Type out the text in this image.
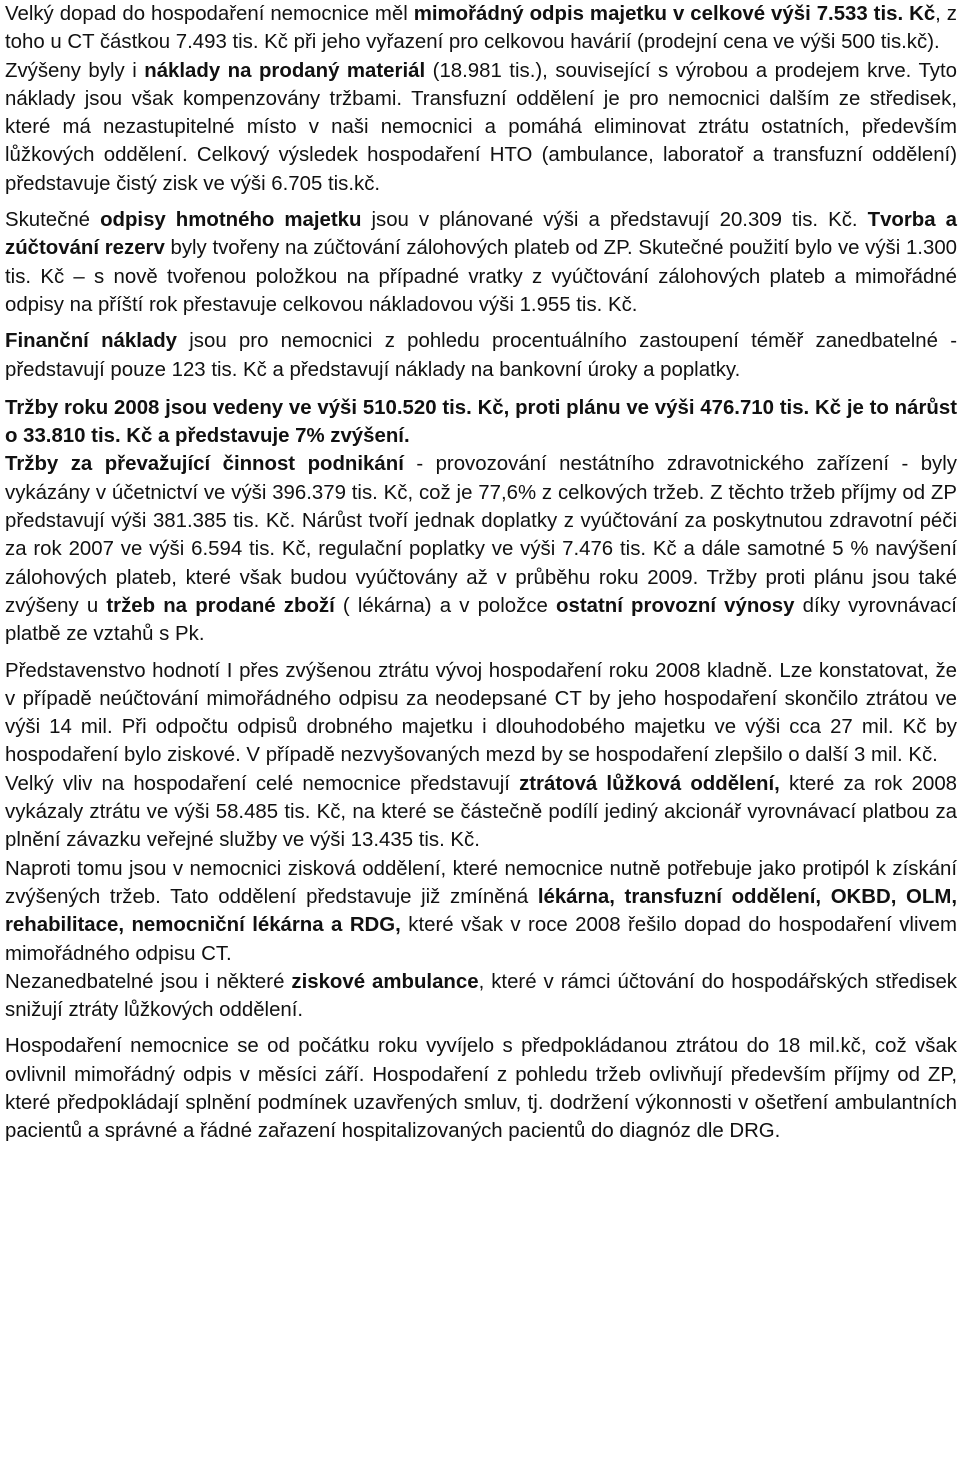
Velký dopad do hospodaření nemocnice měl mimořádný odpis majetku v celkové výši 7.533 tis. Kč, z toho u CT částkou 7.493 tis. Kč při jeho vyřazení pro celkovou havárií (prodejní cena ve výši 500 tis.kč).

Zvýšeny byly i náklady na prodaný materiál (18.981 tis.), související s výrobou a prodejem krve. Tyto náklady jsou však kompenzovány tržbami. Transfuzní oddělení je pro nemocnici dalším ze středisek, které má nezastupitelné místo v naši nemocnici a pomáhá eliminovat ztrátu ostatních, především lůžkových oddělení. Celkový výsledek hospodaření HTO (ambulance, laboratoř a transfuzní oddělení) představuje čistý zisk ve výši 6.705 tis.kč.

Skutečné odpisy hmotného majetku jsou v plánované výši a představují 20.309 tis. Kč. Tvorba a zúčtování rezerv byly tvořeny na zúčtování zálohových plateb od ZP. Skutečné použití bylo ve výši 1.300 tis. Kč – s nově tvořenou položkou na případné vratky z vyúčtování zálohových plateb a mimořádné odpisy na příští rok přestavuje celkovou nákladovou výši 1.955 tis. Kč.

Finanční náklady jsou pro nemocnici z pohledu procentuálního zastoupení téměř zanedbatelné - představují pouze 123 tis. Kč a představují náklady na bankovní úroky a poplatky.

Tržby roku 2008 jsou vedeny ve výši 510.520 tis. Kč, proti plánu ve výši 476.710 tis. Kč je to nárůst o 33.810 tis. Kč a představuje 7% zvýšení.

Tržby za převažující činnost podnikání - provozování nestátního zdravotnického zařízení - byly vykázány v účetnictví ve výši 396.379 tis. Kč, což je 77,6% z celkových tržeb. Z těchto tržeb příjmy od ZP představují výši 381.385 tis. Kč. Nárůst tvoří jednak doplatky z vyúčtování za poskytnutou zdravotní péči za rok 2007 ve výši 6.594 tis. Kč, regulační poplatky ve výši 7.476 tis. Kč a dále samotné 5 % navýšení zálohových plateb, které však budou vyúčtovány až v průběhu roku 2009. Tržby proti plánu jsou také zvýšeny u tržeb na prodané zboží ( lékárna) a v položce ostatní provozní výnosy díky vyrovnávací platbě ze vztahů s Pk.

Představenstvo hodnotí I přes zvýšenou ztrátu vývoj hospodaření roku 2008 kladně. Lze konstatovat, že v případě neúčtování mimořádného odpisu za neodepsané CT by jeho hospodaření skončilo ztrátou ve výši 14 mil. Při odpočtu odpisů drobného majetku i dlouhodobého majetku ve výši cca 27 mil. Kč by hospodaření bylo ziskové. V případě nezvyšovaných mezd by se hospodaření zlepšilo o další 3 mil. Kč.

Velký vliv na hospodaření celé nemocnice představují ztrátová lůžková oddělení, které za rok 2008 vykázaly ztrátu ve výši 58.485 tis. Kč, na které se částečně podílí jediný akcionář vyrovnávací platbou za plnění závazku veřejné služby ve výši 13.435 tis. Kč.

Naproti tomu jsou v nemocnici zisková oddělení, které nemocnice nutně potřebuje jako protipól k získání zvýšených tržeb. Tato oddělení představuje již zmíněná lékárna, transfuzní oddělení, OKBD, OLM, rehabilitace, nemocniční lékárna a RDG, které však v roce 2008 řešilo dopad do hospodaření vlivem mimořádného odpisu CT.

Nezanedbatelné jsou i některé ziskové ambulance, které v rámci účtování do hospodářských středisek snižují ztráty lůžkových oddělení.

Hospodaření nemocnice se od počátku roku vyvíjelo s předpokládanou ztrátou do 18 mil.kč, což však ovlivnil mimořádný odpis v měsíci září. Hospodaření z pohledu tržeb ovlivňují především příjmy od ZP, které předpokládají splnění podmínek uzavřených smluv, tj. dodržení výkonnosti v ošetření ambulantních pacientů a správné a řádné zařazení hospitalizovaných pacientů do diagnóz dle DRG.
